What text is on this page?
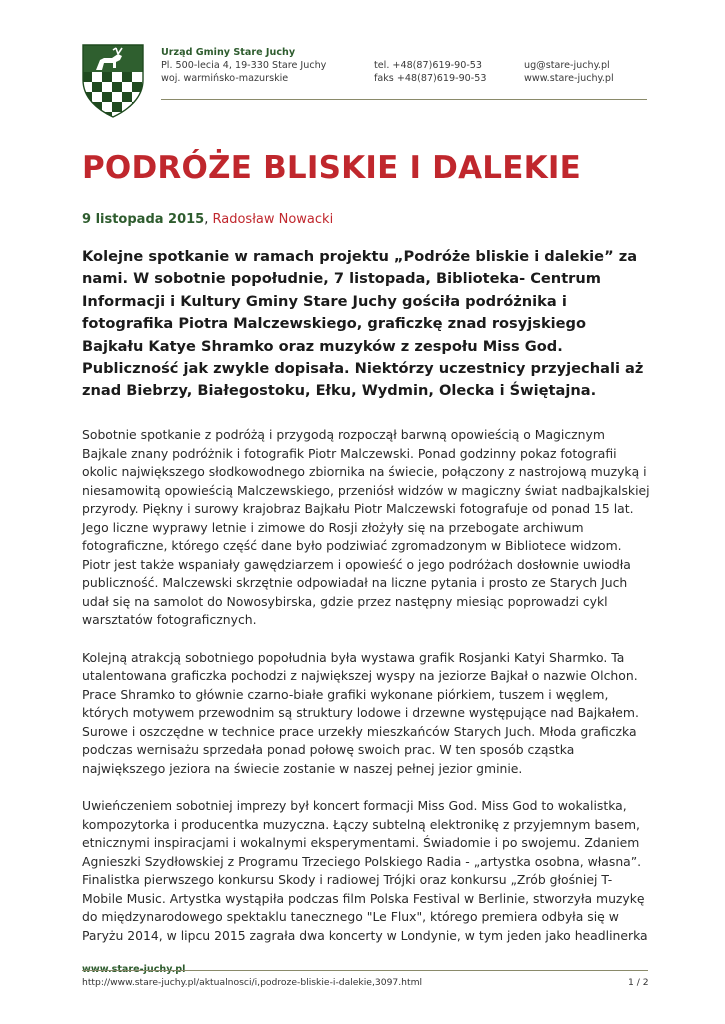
Urząd Gminy Stare Juchy
Pl. 500-lecia 4, 19-330 Stare Juchy
woj. warmińsko-mazurskie
tel. +48(87)619-90-53
faks +48(87)619-90-53
ug@stare-juchy.pl
www.stare-juchy.pl
PODRÓŻE BLISKIE I DALEKIE
9 listopada 2015, Radosław Nowacki

Kolejne spotkanie w ramach projektu „Podróże bliskie i dalekie” za nami. W sobotnie popołudnie, 7 listopada, Biblioteka- Centrum Informacji i Kultury Gminy Stare Juchy gościła podróżnika i fotografika Piotra Malczewskiego, graficzkę znad rosyjskiego Bajkału Katye Shramko oraz muzyków z zespołu Miss God. Publiczność jak zwykle dopisała. Niektórzy uczestnicy przyjechali aż znad Biebrzy, Białegostoku, Ełku, Wydmin, Olecka i Świętajna.

Sobotnie spotkanie z podróżą i przygodą rozpoczął barwną opowieścią o Magicznym Bajkale znany podróżnik i fotografik Piotr Malczewski. Ponad godzinny pokaz fotografii okolic największego słodkowodnego zbiornika na świecie, połączony z nastrojową muzyką i niesamowitą opowieścią Malczewskiego, przeniósł widzów w magiczny świat nadbajkalskiej przyrody. Piękny i surowy krajobraz Bajkału Piotr Malczewski fotografuje od ponad 15 lat. Jego liczne wyprawy letnie i zimowe do Rosji złożyły się na przebogate archiwum fotograficzne, którego część dane było podziwiać zgromadzonym w Bibliotece widzom. Piotr jest także wspaniały gawędziarzem i opowieść o jego podróżach dosłownie uwiodła publiczność. Malczewski skrzętnie odpowiadał na liczne pytania i prosto ze Starych Juch udał się na samolot do Nowosybirska, gdzie przez następny miesiąc poprowadzi cykl warsztatów fotograficznych.

Kolejną atrakcją sobotniego popołudnia była wystawa grafik Rosjanki Katyi Sharmko. Ta utalentowana graficzka pochodzi z największej wyspy na jeziorze Bajkał o nazwie Olchon. Prace Shramko to głównie czarno-białe grafiki wykonane piórkiem, tuszem i węglem, których motywem przewodnim są struktury lodowe i drzewne występujące nad Bajkałem. Surowe i oszczędne w technice prace urzekły mieszkańców Starych Juch. Młoda graficzka podczas wernisażu sprzedała ponad połowę swoich prac. W ten sposób cząstka największego jeziora na świecie zostanie w naszej pełnej jezior gminie.

Uwieńczeniem sobotniej imprezy był koncert formacji Miss God. Miss God to wokalistka, kompozytorka i producentka muzyczna. Łączy subtelną elektronikę z przyjemnym basem, etnicznymi inspiracjami i wokalnymi eksperymentami. Świadomie i po swojemu. Zdaniem Agnieszki Szydłowskiej z Programu Trzeciego Polskiego Radia - „artystka osobna, własna”. Finalistka pierwszego konkursu Skody i radiowej Trójki oraz konkursu „Zrób głośniej T-Mobile Music. Artystka wystąpiła podczas film Polska Festival w Berlinie, stworzyła muzykę do międzynarodowego spektaklu tanecznego "Le Flux", którego premiera odbyła się w Paryżu 2014, w lipcu 2015 zagrała dwa koncerty w Londynie, w tym jeden jako headlinerka

www.stare-juchy.pl
http://www.stare-juchy.pl/aktualnosci/i,podroze-bliskie-i-dalekie,3097.html	1 / 2
